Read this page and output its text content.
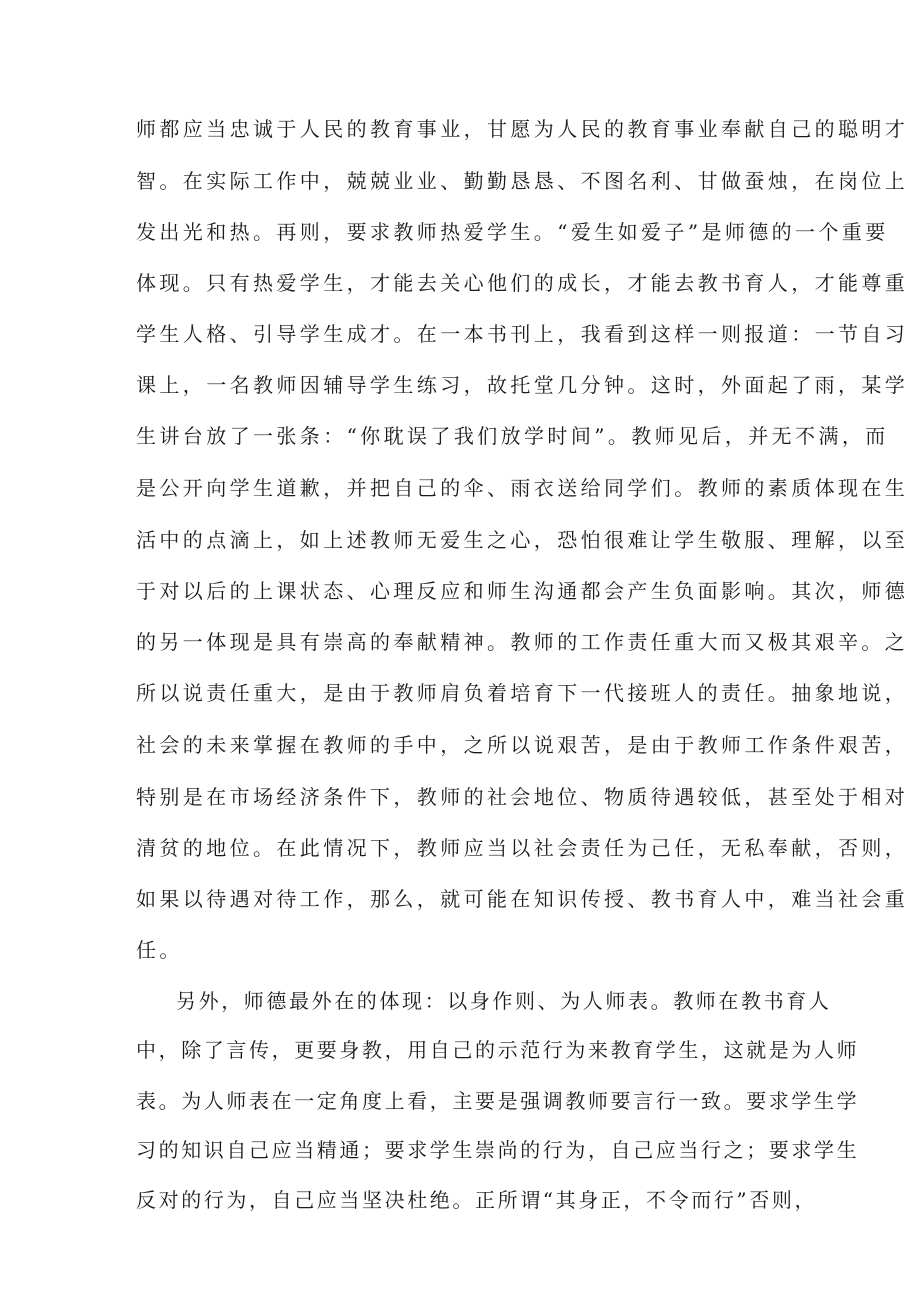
师都应当忠诚于人民的教育事业，甘愿为人民的教育事业奉献自己的聪明才
智。在实际工作中，兢兢业业、勤勤恳恳、不图名利、甘做蚕烛，在岗位上
发出光和热。再则，要求教师热爱学生。“爱生如爱子”是师德的一个重要
体现。只有热爱学生，才能去关心他们的成长，才能去教书育人，才能尊重
学生人格、引导学生成才。在一本书刊上，我看到这样一则报道：一节自习
课上，一名教师因辅导学生练习，故托堂几分钟。这时，外面起了雨，某学
生讲台放了一张条：“你耽误了我们放学时间”。教师见后，并无不满，而
是公开向学生道歉，并把自己的伞、雨衣送给同学们。教师的素质体现在生
活中的点滴上，如上述教师无爱生之心，恐怕很难让学生敬服、理解，以至
于对以后的上课状态、心理反应和师生沟通都会产生负面影响。其次，师德
的另一体现是具有崇高的奉献精神。教师的工作责任重大而又极其艰辛。之
所以说责任重大，是由于教师肩负着培育下一代接班人的责任。抽象地说，
社会的未来掌握在教师的手中，之所以说艰苦，是由于教师工作条件艰苦，
特别是在市场经济条件下，教师的社会地位、物质待遇较低，甚至处于相对
清贫的地位。在此情况下，教师应当以社会责任为己任，无私奉献，否则，
如果以待遇对待工作，那么，就可能在知识传授、教书育人中，难当社会重
任。
另外，师德最外在的体现：以身作则、为人师表。教师在教书育人
中，除了言传，更要身教，用自己的示范行为来教育学生，这就是为人师
表。为人师表在一定角度上看，主要是强调教师要言行一致。要求学生学
习的知识自己应当精通；要求学生崇尚的行为，自己应当行之；要求学生
反对的行为，自己应当坚决杜绝。正所谓“其身正，不令而行”否则，
